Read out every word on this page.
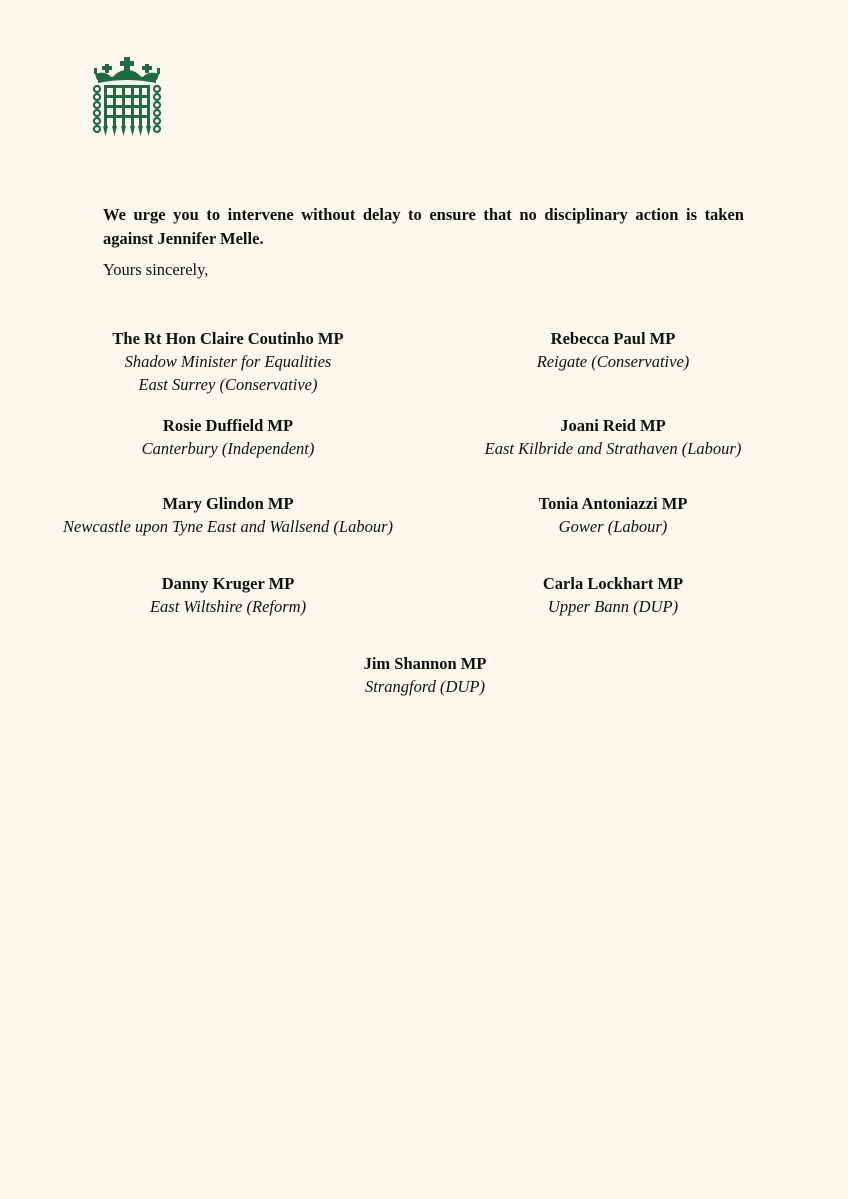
We urge you to intervene without delay to ensure that no disciplinary action is taken against Jennifer Melle.

Yours sincerely,

The Rt Hon Claire Coutinho MP
Shadow Minister for Equalities
East Surrey (Conservative)
Rebecca Paul MP
Reigate (Conservative)
Rosie Duffield MP
Canterbury (Independent)
Joani Reid MP
East Kilbride and Strathaven (Labour)
Mary Glindon MP
Newcastle upon Tyne East and Wallsend (Labour)
Tonia Antoniazzi MP
Gower (Labour)
Danny Kruger MP
East Wiltshire (Reform)
Carla Lockhart MP
Upper Bann (DUP)
Jim Shannon MP
Strangford (DUP)
